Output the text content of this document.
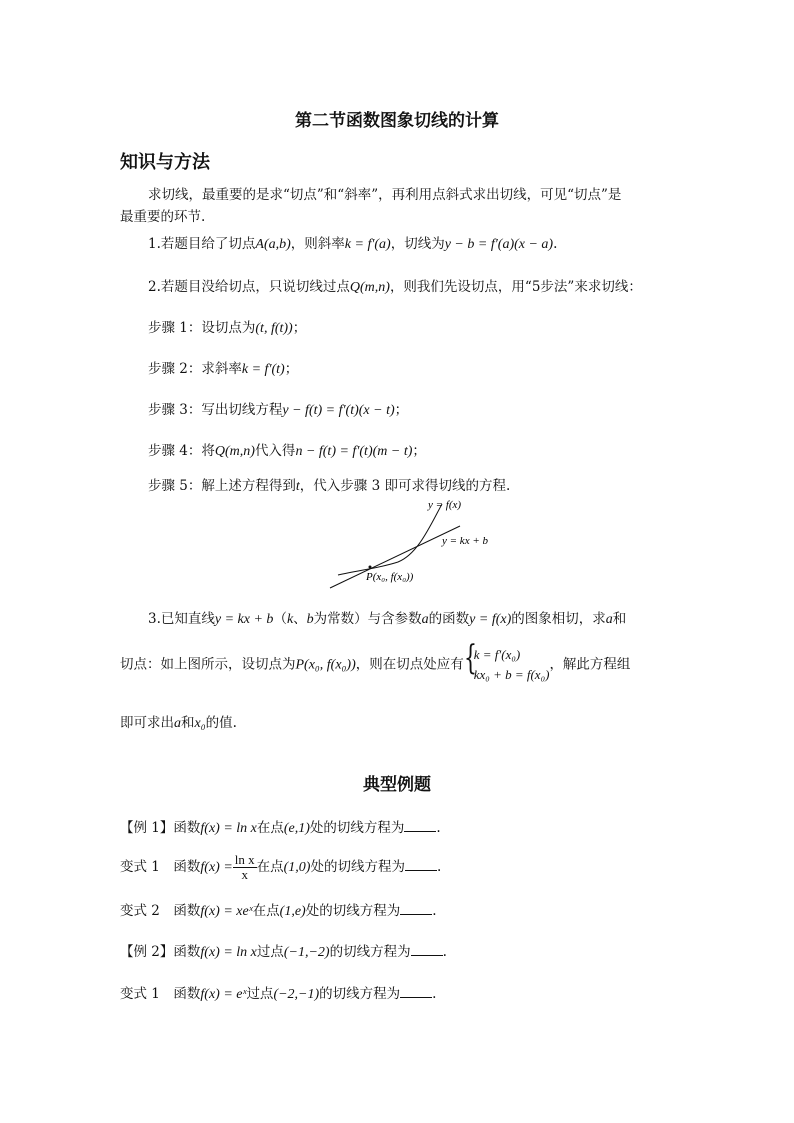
第二节函数图象切线的计算
知识与方法
求切线，最重要的是求“切点”和“斜率”，再利用点斜式求出切线，可见“切点”是
最重要的环节.
1.若题目给了切点A(a,b)，则斜率k = f′(a)，切线为y − b = f′(a)(x − a).
2.若题目没给切点，只说切线过点Q(m,n)，则我们先设切点，用“5步法”来求切线：
步骤 1：设切点为(t, f(t))；
步骤 2：求斜率k = f′(t)；
步骤 3：写出切线方程y − f(t) = f′(t)(x − t)；
步骤 4：将Q(m,n)代入得n − f(t) = f′(t)(m − t)；
步骤 5：解上述方程得到t，代入步骤 3 即可求得切线的方程.
y = f(x)
y = kx + b
P(x₀, f(x₀))
3.已知直线y = kx + b（k、b为常数）与含参数a的函数y = f(x)的图象相切，求a和
切点：如上图所示，设切点为P(x₀, f(x₀))，则在切点处应有 {
k = f′(x₀)
kx₀ + b = f(x₀)
，解此方程组
即可求出a和x₀的值.
典型例题
【例 1】函数f(x) = ln x在点(e,1)处的切线方程为 .
变式 1　函数$f(x) = \frac{\text{ln x}}{x}$ 在点(1,0)处的切线方程为 .
变式 2　函数f(x) = xeˣ在点(1,e)处的切线方程为 .
【例 2】函数f(x) = ln x过点(−1,−2)的切线方程为 .
变式 1　函数f(x) = eˣ过点(−2,−1)的切线方程为 .
